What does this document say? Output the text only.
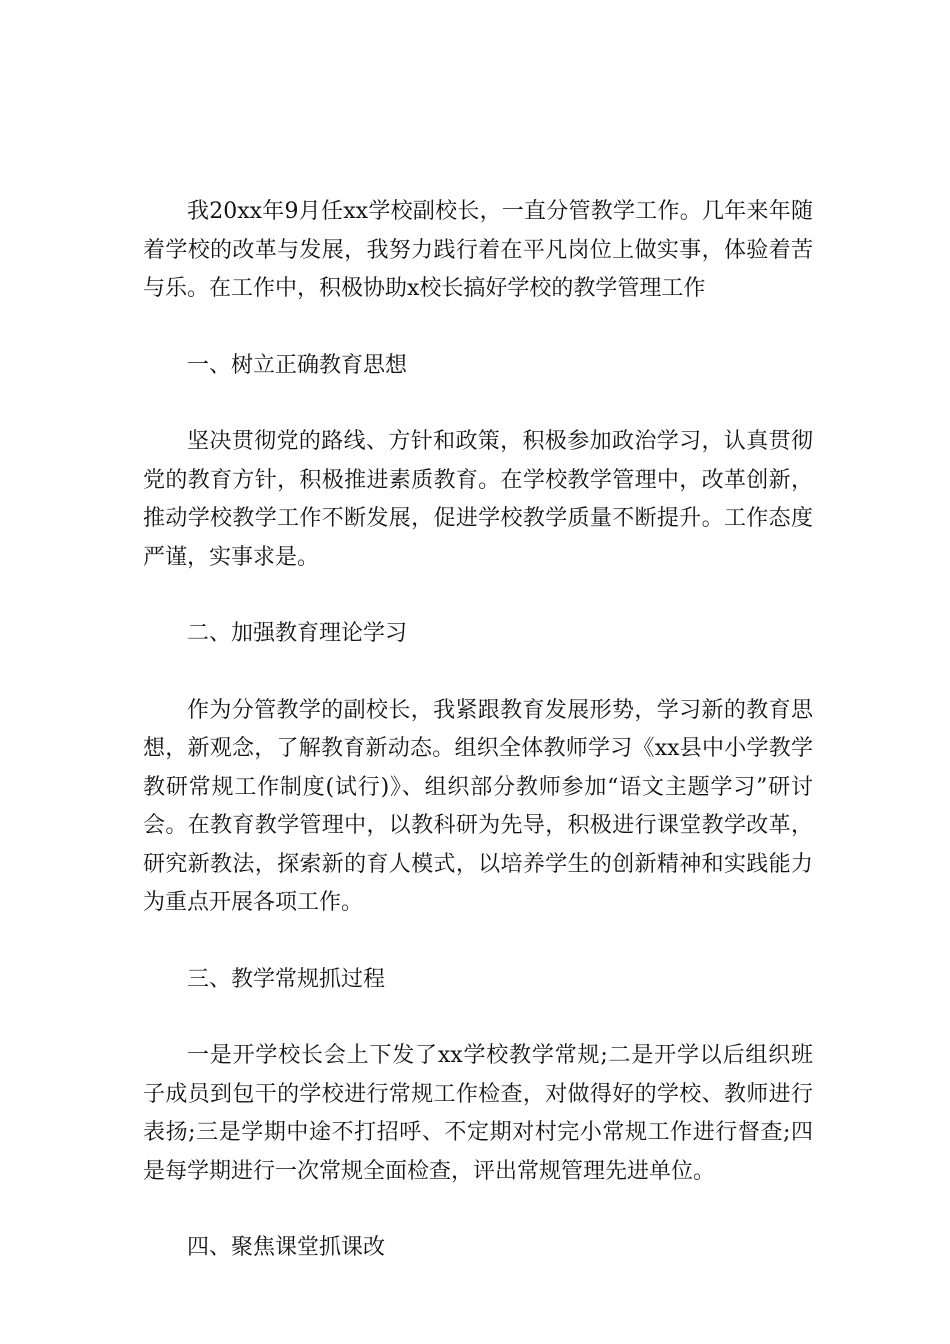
我20xx年9月任xx学校副校长，一直分管教学工作。几年来年随着学校的改革与发展，我努力践行着在平凡岗位上做实事，体验着苦与乐。在工作中，积极协助x校长搞好学校的教学管理工作

一、树立正确教育思想

坚决贯彻党的路线、方针和政策，积极参加政治学习，认真贯彻党的教育方针，积极推进素质教育。在学校教学管理中，改革创新，推动学校教学工作不断发展，促进学校教学质量不断提升。工作态度严谨，实事求是。

二、加强教育理论学习

作为分管教学的副校长，我紧跟教育发展形势，学习新的教育思想，新观念，了解教育新动态。组织全体教师学习《xx县中小学教学教研常规工作制度(试行)》、组织部分教师参加“语文主题学习”研讨会。在教育教学管理中，以教科研为先导，积极进行课堂教学改革，研究新教法，探索新的育人模式，以培养学生的创新精神和实践能力为重点开展各项工作。

三、教学常规抓过程

一是开学校长会上下发了xx学校教学常规;二是开学以后组织班子成员到包干的学校进行常规工作检查，对做得好的学校、教师进行表扬;三是学期中途不打招呼、不定期对村完小常规工作进行督查;四是每学期进行一次常规全面检查，评出常规管理先进单位。

四、聚焦课堂抓课改
